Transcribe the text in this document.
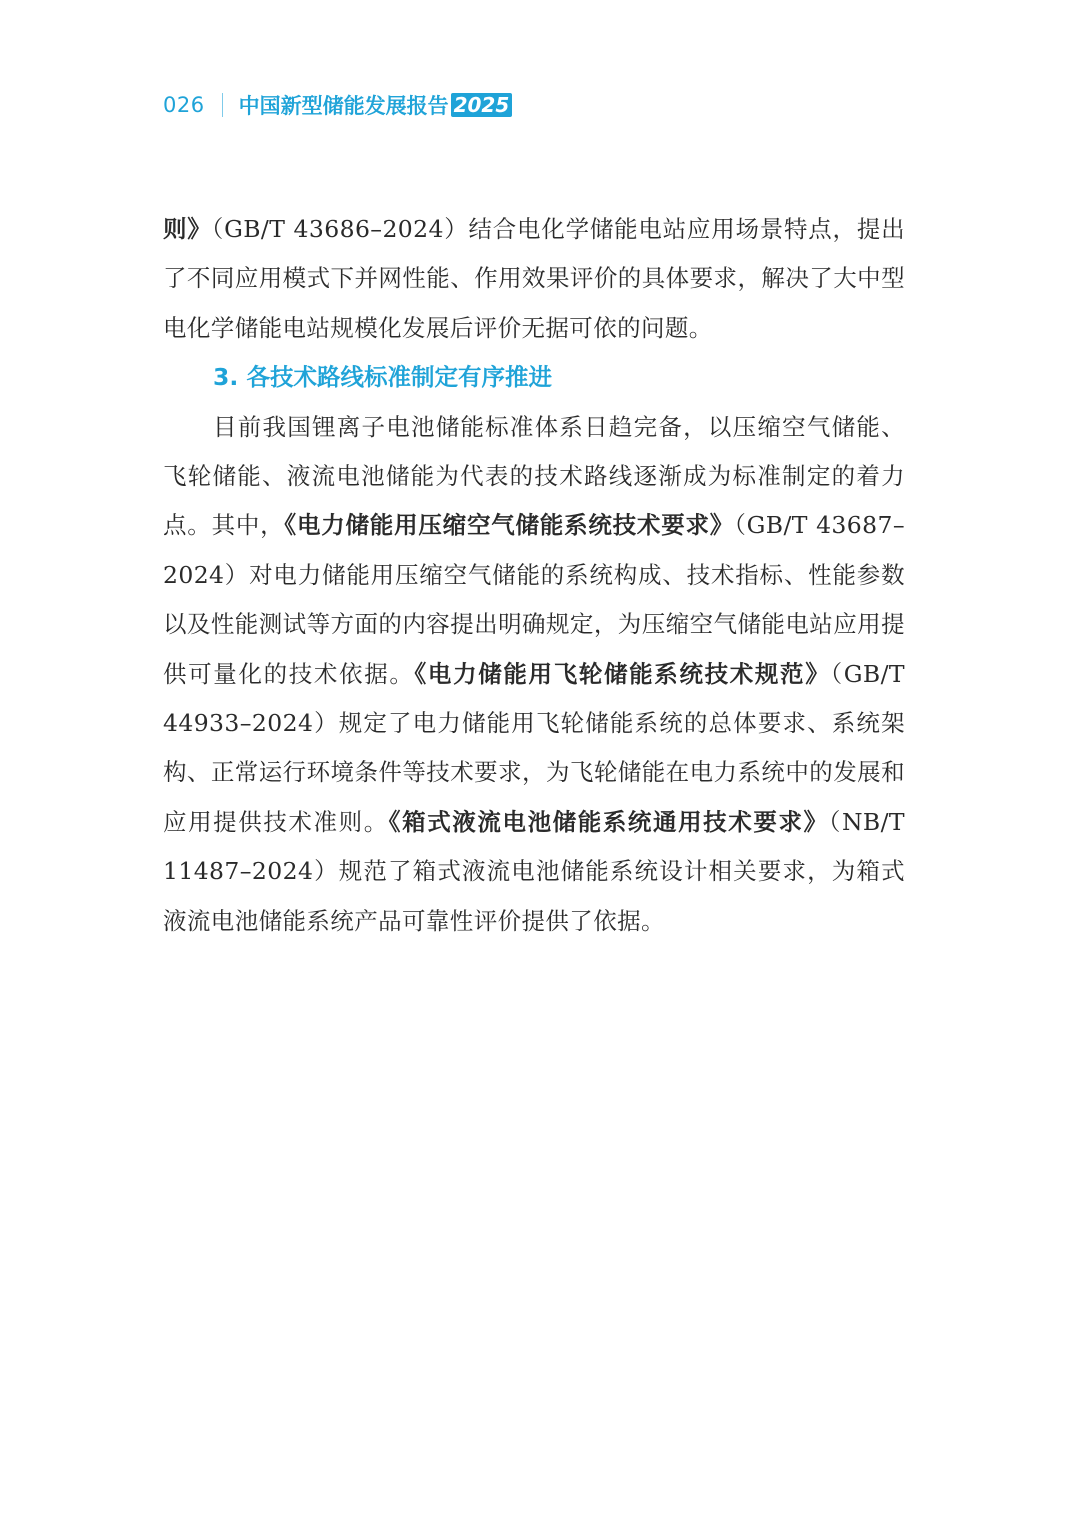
026 中国新型储能发展报告 2025

则》（GB/T 43686–2024）结合电化学储能电站应用场景特点，提出了不同应用模式下并网性能、作用效果评价的具体要求，解决了大中型电化学储能电站规模化发展后评价无据可依的问题。

3. 各技术路线标准制定有序推进

目前我国锂离子电池储能标准体系日趋完备，以压缩空气储能、飞轮储能、液流电池储能为代表的技术路线逐渐成为标准制定的着力点。其中，《电力储能用压缩空气储能系统技术要求》（GB/T 43687–2024）对电力储能用压缩空气储能的系统构成、技术指标、性能参数以及性能测试等方面的内容提出明确规定，为压缩空气储能电站应用提供可量化的技术依据。《电力储能用飞轮储能系统技术规范》（GB/T 44933–2024）规定了电力储能用飞轮储能系统的总体要求、系统架构、正常运行环境条件等技术要求，为飞轮储能在电力系统中的发展和应用提供技术准则。《箱式液流电池储能系统通用技术要求》（NB/T 11487–2024）规范了箱式液流电池储能系统设计相关要求，为箱式液流电池储能系统产品可靠性评价提供了依据。
